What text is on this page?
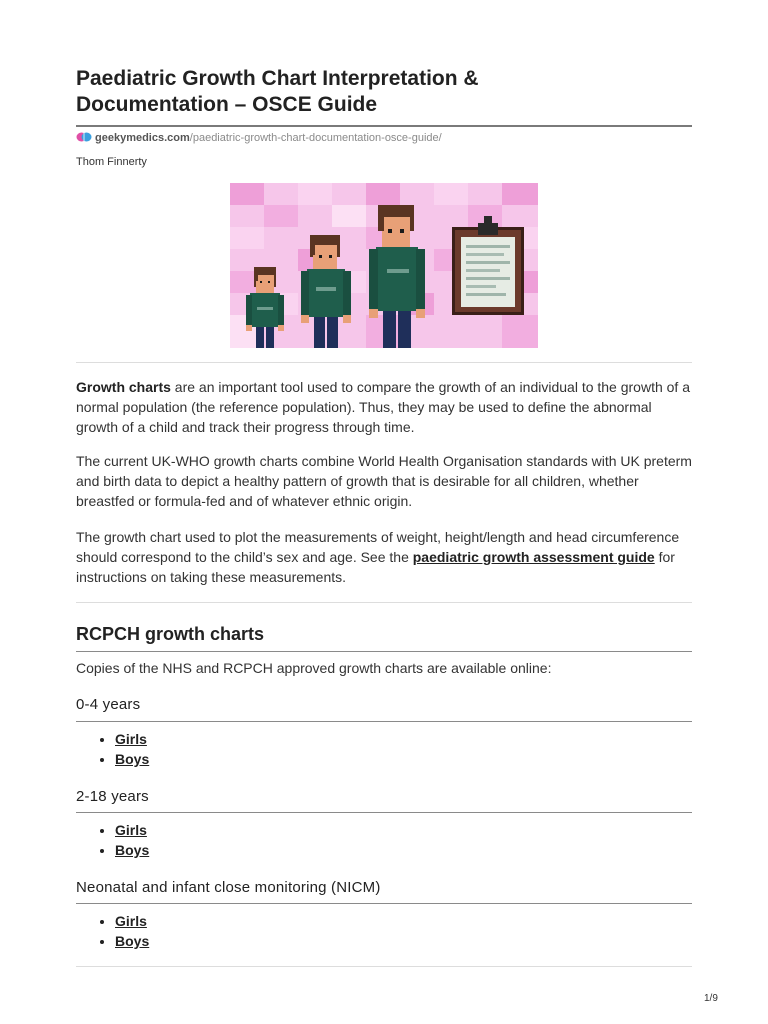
Paediatric Growth Chart Interpretation &
Documentation – OSCE Guide
geekymedics.com/paediatric-growth-chart-documentation-osce-guide/
Thom Finnerty

Growth charts are an important tool used to compare the growth of an individual to the growth of a normal population (the reference population). Thus, they may be used to define the abnormal growth of a child and track their progress through time.

The current UK-WHO growth charts combine World Health Organisation standards with UK preterm and birth data to depict a healthy pattern of growth that is desirable for all children, whether breastfed or formula-fed and of whatever ethnic origin.

The growth chart used to plot the measurements of weight, height/length and head circumference should correspond to the child’s sex and age. See the paediatric growth assessment guide for instructions on taking these measurements.

RCPCH growth charts

Copies of the NHS and RCPCH approved growth charts are available online:

0-4 years
• Girls
• Boys
2-18 years
• Girls
• Boys
Neonatal and infant close monitoring (NICM)
• Girls
• Boys
1/9
